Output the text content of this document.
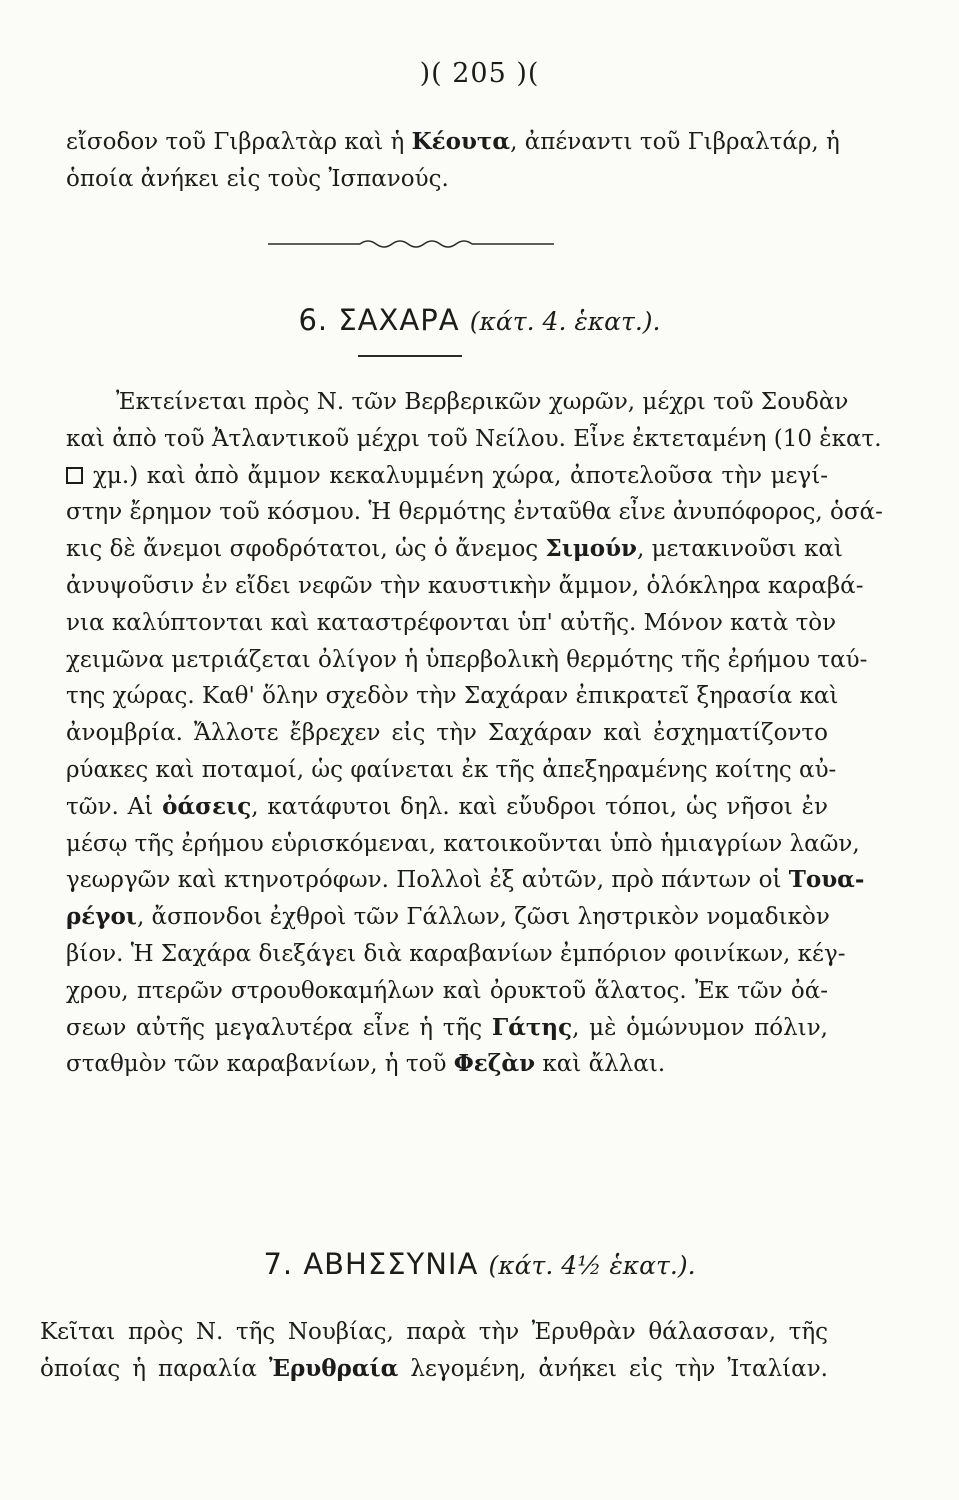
)( 205 )(
εἴσοδον τοῦ Γιβραλτὰρ καὶ ἡ Κέουτα, ἀπέναντι τοῦ Γιβραλτάρ, ἡ
ὁποία ἀνήκει εἰς τοὺς Ἰσπανούς.
6. ΣΑΧΑΡΑ (κάτ. 4. ἑκατ.).
Ἐκτείνεται πρὸς Ν. τῶν Βερβερικῶν χωρῶν, μέχρι τοῦ Σουδὰν
καὶ ἀπὸ τοῦ Ἀτλαντικοῦ μέχρι τοῦ Νείλου. Εἶνε ἐκτεταμένη (10 ἑκατ.
χμ.) καὶ ἀπὸ ἄμμον κεκαλυμμένη χώρα, ἀποτελοῦσα τὴν μεγί-
στην ἔρημον τοῦ κόσμου. Ἡ θερμότης ἐνταῦθα εἶνε ἀνυπόφορος, ὁσά-
κις δὲ ἄνεμοι σφοδρότατοι, ὡς ὁ ἄνεμος Σιμούν, μετακινοῦσι καὶ
ἀνυψοῦσιν ἐν εἴδει νεφῶν τὴν καυστικὴν ἄμμον, ὁλόκληρα καραβά-
νια καλύπτονται καὶ καταστρέφονται ὑπ' αὐτῆς. Μόνον κατὰ τὸν
χειμῶνα μετριάζεται ὀλίγον ἡ ὑπερβολικὴ θερμότης τῆς ἐρήμου ταύ-
της χώρας. Καθ' ὅλην σχεδὸν τὴν Σαχάραν ἐπικρατεῖ ξηρασία καὶ
ἀνομβρία. Ἄλλοτε ἔβρεχεν εἰς τὴν Σαχάραν καὶ ἐσχηματίζοντο
ρύακες καὶ ποταμοί, ὡς φαίνεται ἐκ τῆς ἀπεξηραμένης κοίτης αὐ-
τῶν. Αἱ ὀάσεις, κατάφυτοι δηλ. καὶ εὔυδροι τόποι, ὡς νῆσοι ἐν
μέσῳ τῆς ἐρήμου εὑρισκόμεναι, κατοικοῦνται ὑπὸ ἡμιαγρίων λαῶν,
γεωργῶν καὶ κτηνοτρόφων. Πολλοὶ ἐξ αὐτῶν, πρὸ πάντων οἱ Τουα-
ρέγοι, ἄσπονδοι ἐχθροὶ τῶν Γάλλων, ζῶσι ληστρικὸν νομαδικὸν
βίον. Ἡ Σαχάρα διεξάγει διὰ καραβανίων ἐμπόριον φοινίκων, κέγ-
χρου, πτερῶν στρουθοκαμήλων καὶ ὀρυκτοῦ ἅλατος. Ἐκ τῶν ὀά-
σεων αὐτῆς μεγαλυτέρα εἶνε ἡ τῆς Γάτης, μὲ ὁμώνυμον πόλιν,
σταθμὸν τῶν καραβανίων, ἡ τοῦ Φεζὰν καὶ ἄλλαι.
7. ΑΒΗΣΣΥΝΙΑ (κάτ. 4½ ἑκατ.).
Κεῖται πρὸς Ν. τῆς Νουβίας, παρὰ τὴν Ἐρυθρὰν θάλασσαν, τῆς
ὁποίας ἡ παραλία Ἐρυθραία λεγομένη, ἀνήκει εἰς τὴν Ἰταλίαν.
